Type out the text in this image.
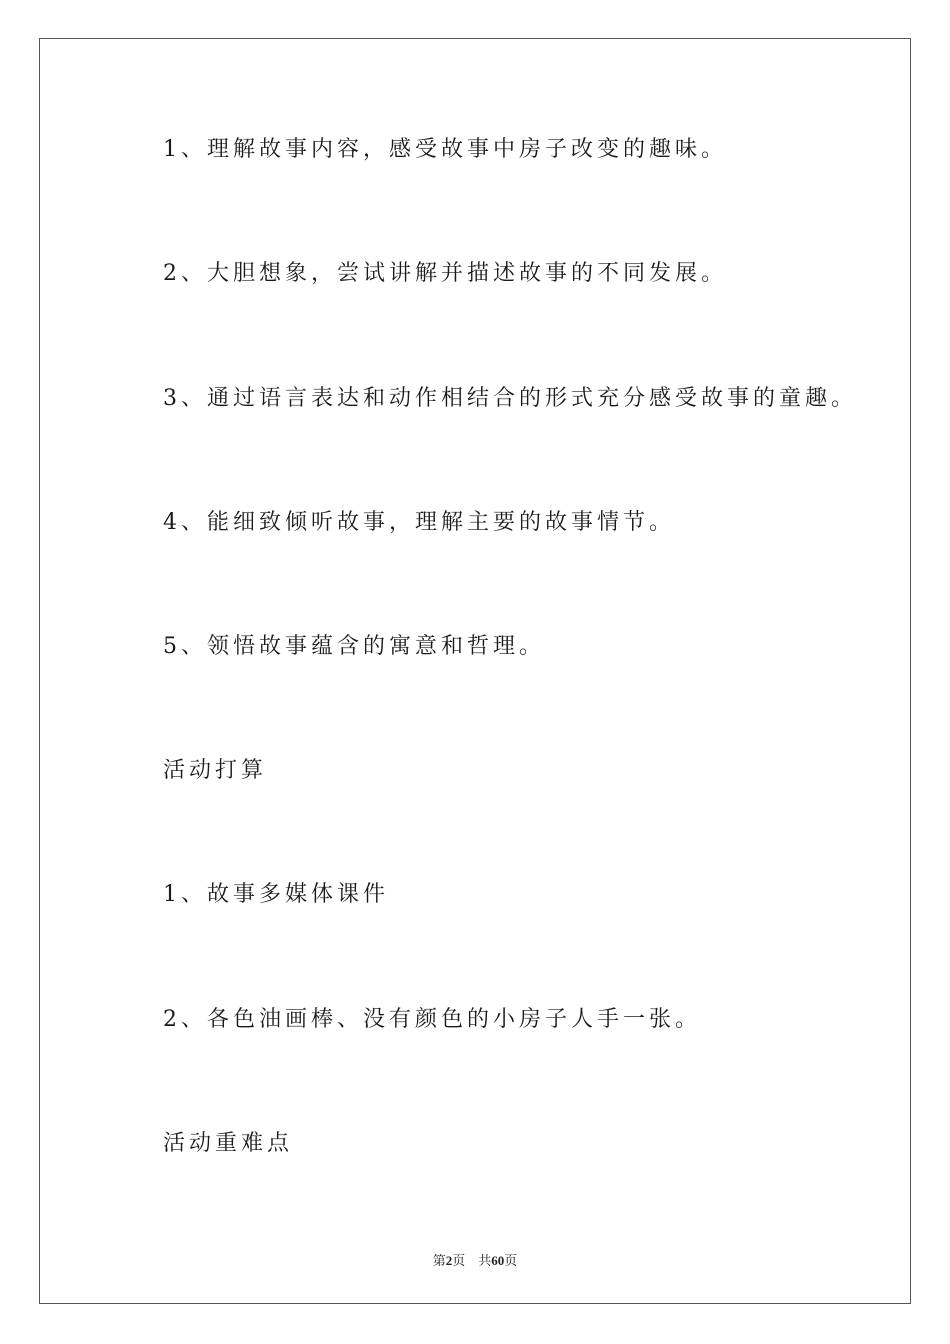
1、理解故事内容，感受故事中房子改变的趣味。
2、大胆想象，尝试讲解并描述故事的不同发展。
3、通过语言表达和动作相结合的形式充分感受故事的童趣。
4、能细致倾听故事，理解主要的故事情节。
5、领悟故事蕴含的寓意和哲理。
活动打算
1、故事多媒体课件
2、各色油画棒、没有颜色的小房子人手一张。
活动重难点
第2页 共60页
